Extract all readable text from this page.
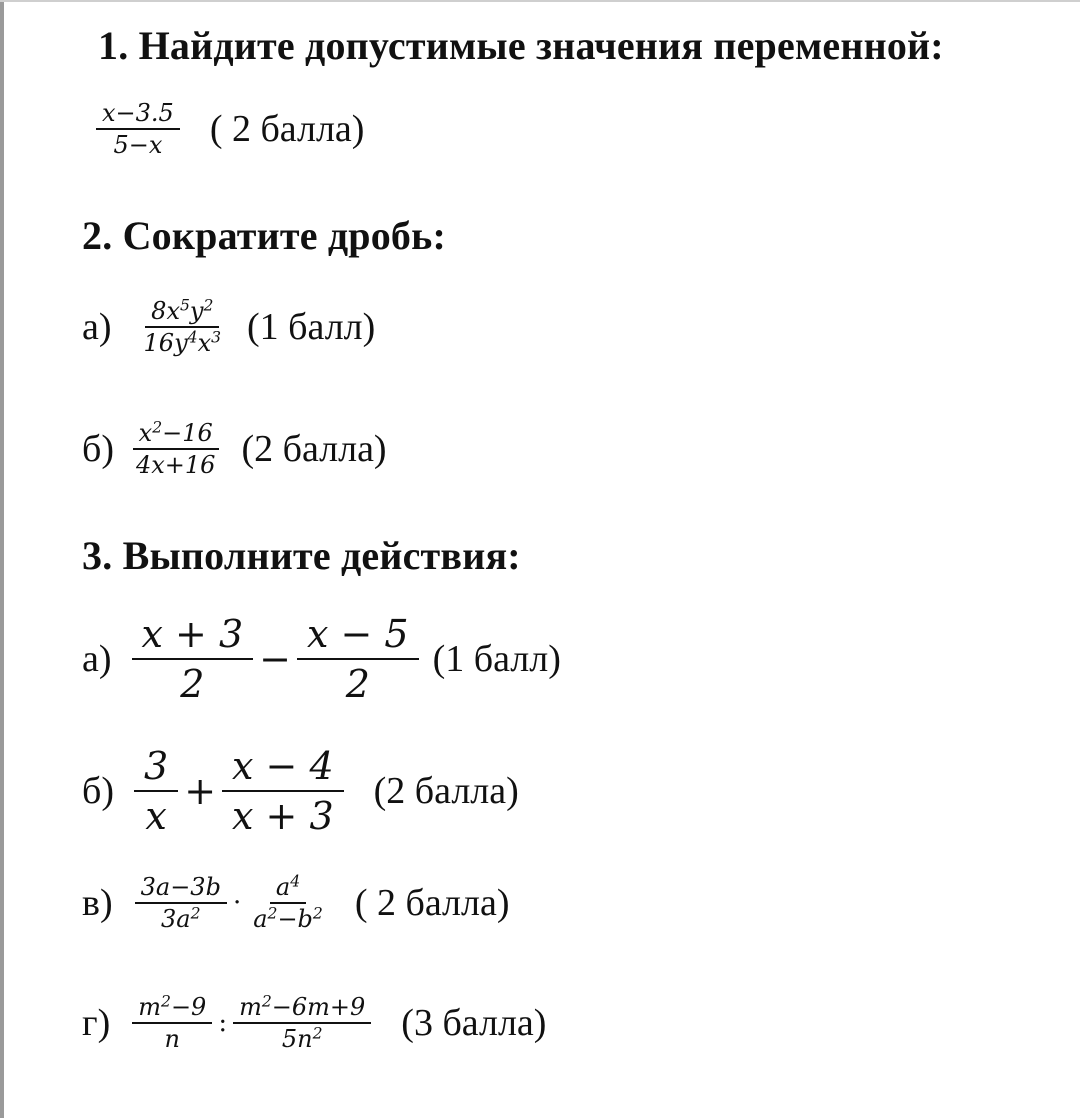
1. Найдите допустимые значения переменной:
$\frac{x-3.5}{5-x}$ ( 2 балла)
2. Сократите дробь:
$а) \frac{8x^5y^2}{16y^4x^3} (1$ балл)
$б) \frac{x^2-16}{4x+16} (2$ балла)
3. Выполните действия:
$а) \frac{x + 3}{2} - \frac{x - 5}{2} (1$ балл)
$б) \frac{3}{x} + \frac{x - 4}{x + 3} (2$ балла)
$в) \frac{3a-3b}{3a^2} \cdot \frac{a^4}{a^2-b^2}$ ( 2 балла)
$г) \frac{m^2-9}{n}$ : $\frac{m^2-6m+9}{5n^2} (3$ балла)
